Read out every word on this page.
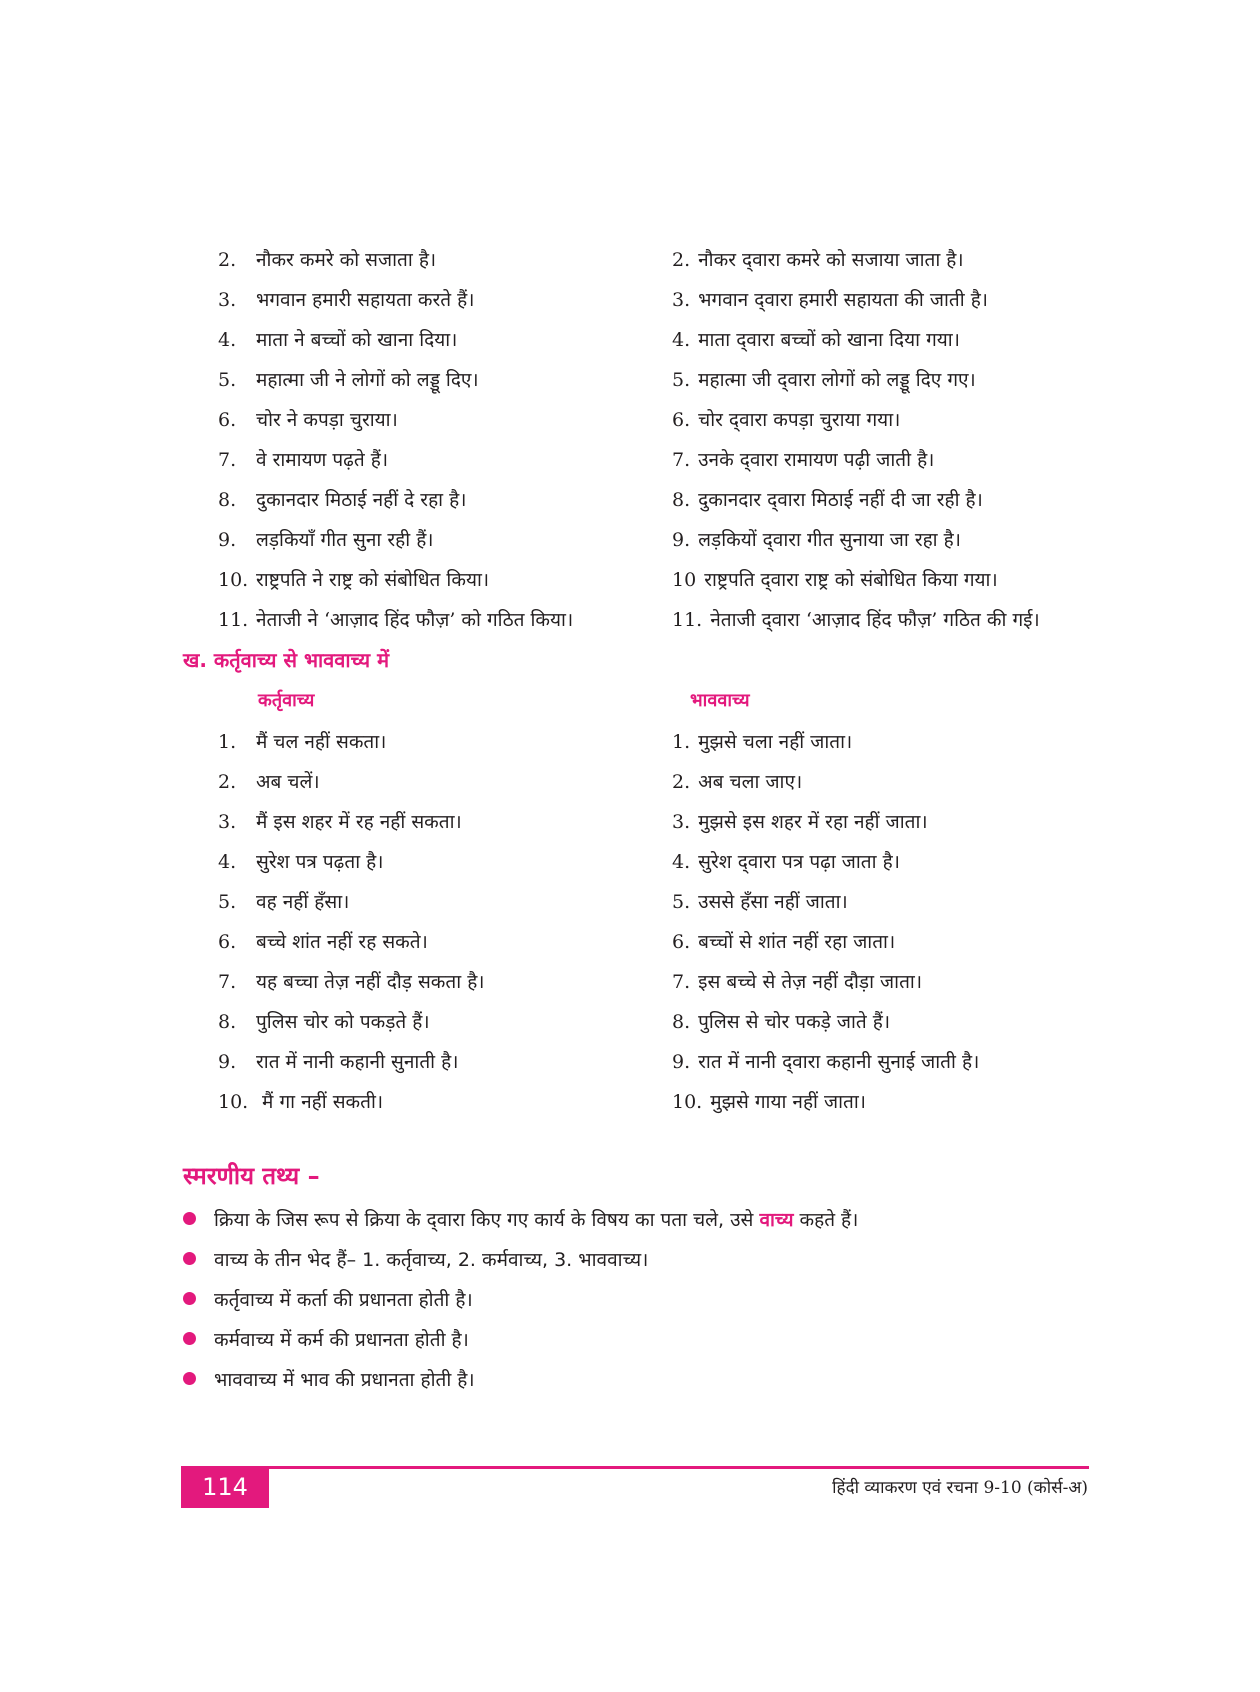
2. नौकर कमरे को सजाता है।	2. नौकर द्‍वारा कमरे को सजाया जाता है।
3. भगवान हमारी सहायता करते हैं।	3. भगवान द्‍वारा हमारी सहायता की जाती है।
4. माता ने बच्चों को खाना दिया।	4. माता द्‍वारा बच्चों को खाना दिया गया।
5. महात्मा जी ने लोगों को लड्डू दिए।	5. महात्मा जी द्‍वारा लोगों को लड्डू दिए गए।
6. चोर ने कपड़ा चुराया।	6. चोर द्‍वारा कपड़ा चुराया गया।
7. वे रामायण पढ़ते हैं।	7. उनके द्‍वारा रामायण पढ़ी जाती है।
8. दुकानदार मिठाई नहीं दे रहा है।	8. दुकानदार द्‍वारा मिठाई नहीं दी जा रही है।
9. लड़कियाँ गीत सुना रही हैं।	9. लड़कियों द्‍वारा गीत सुनाया जा रहा है।
10. राष्ट्रपति ने राष्ट्र को संबोधित किया।	10 राष्ट्रपति द्‍वारा राष्ट्र को संबोधित किया गया।
11. नेताजी ने ‘आज़ाद हिंद फौज़’ को गठित किया।	11. नेताजी द्‍वारा ‘आज़ाद हिंद फौज़’ गठित की गई।
ख. कर्तृवाच्य से भाववाच्य में
कर्तृवाच्य	भाववाच्य
1. मैं चल नहीं सकता।	1. मुझसे चला नहीं जाता।
2. अब चलें।	2. अब चला जाए।
3. मैं इस शहर में रह नहीं सकता।	3. मुझसे इस शहर में रहा नहीं जाता।
4. सुरेश पत्र पढ़ता है।	4. सुरेश द्‍वारा पत्र पढ़ा जाता है।
5. वह नहीं हँसा।	5. उससे हँसा नहीं जाता।
6. बच्चे शांत नहीं रह सकते।	6. बच्चों से शांत नहीं रहा जाता।
7. यह बच्चा तेज़ नहीं दौड़ सकता है।	7. इस बच्चे से तेज़ नहीं दौड़ा जाता।
8. पुलिस चोर को पकड़ते हैं।	8. पुलिस से चोर पकड़े जाते हैं।
9. रात में नानी कहानी सुनाती है।	9. रात में नानी द्‍वारा कहानी सुनाई जाती है।
10. मैं गा नहीं सकती।	10. मुझसे गाया नहीं जाता।
स्मरणीय तथ्य –
क्रिया के जिस रूप से क्रिया के द्‍वारा किए गए कार्य के विषय का पता चले, उसे वाच्य कहते हैं।
वाच्य के तीन भेद हैं– 1. कर्तृवाच्य, 2. कर्मवाच्य, 3. भाववाच्य।
कर्तृवाच्य में कर्ता की प्रधानता होती है।
कर्मवाच्य में कर्म की प्रधानता होती है।
भाववाच्य में भाव की प्रधानता होती है।
114	हिंदी व्याकरण एवं रचना 9-10 (कोर्स-अ)
